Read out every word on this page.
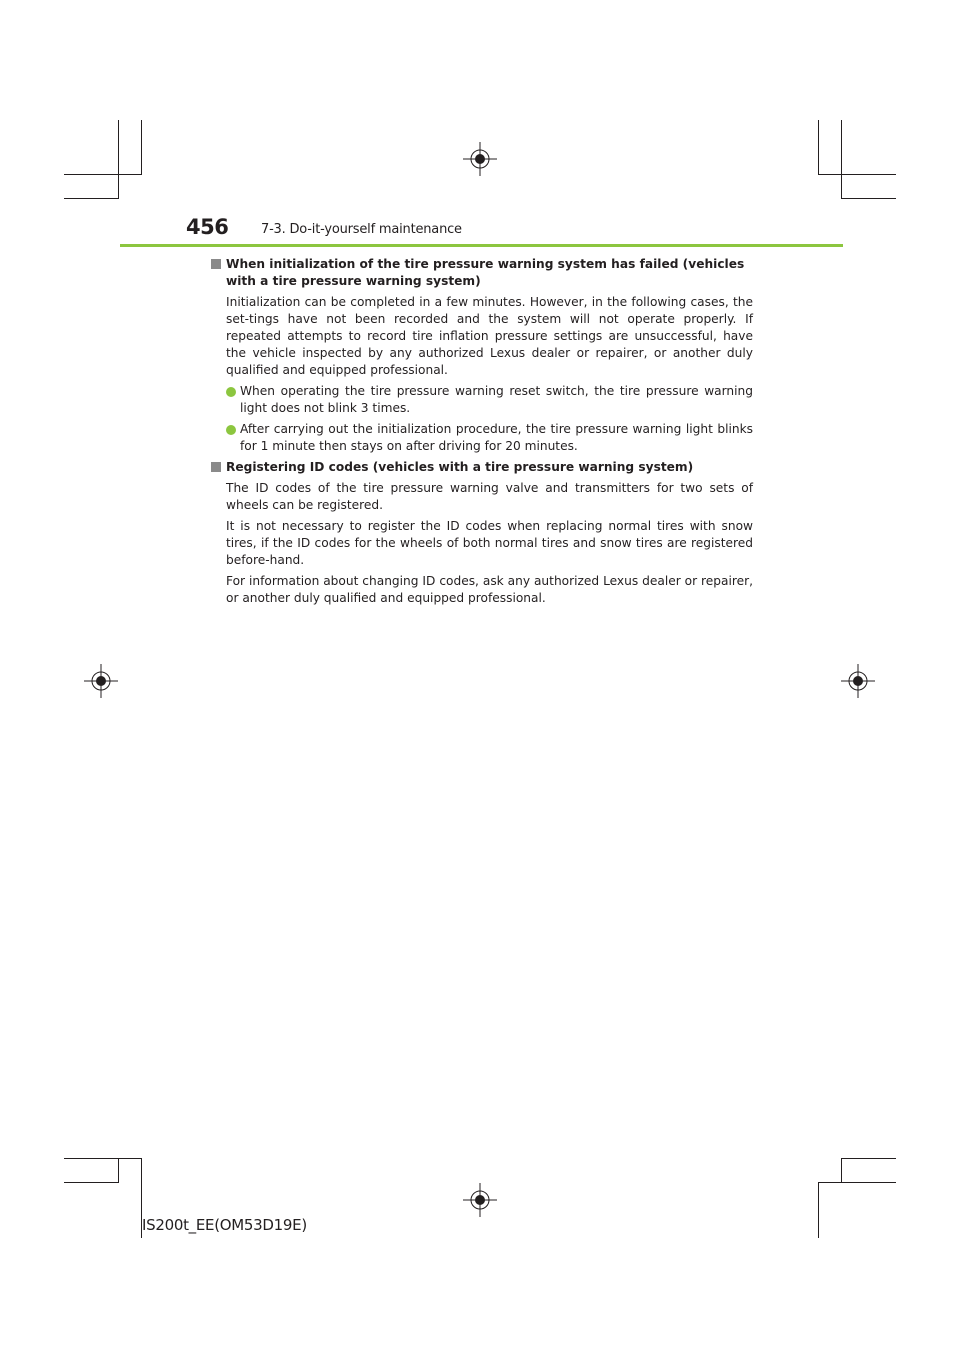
456	7-3. Do-it-yourself maintenance
When initialization of the tire pressure warning system has failed (vehicles with a tire pressure warning system)
Initialization can be completed in a few minutes. However, in the following cases, the set-tings have not been recorded and the system will not operate properly. If repeated attempts to record tire inflation pressure settings are unsuccessful, have the vehicle inspected by any authorized Lexus dealer or repairer, or another duly qualified and equipped professional.
When operating the tire pressure warning reset switch, the tire pressure warning light does not blink 3 times.
After carrying out the initialization procedure, the tire pressure warning light blinks for 1 minute then stays on after driving for 20 minutes.
Registering ID codes (vehicles with a tire pressure warning system)
The ID codes of the tire pressure warning valve and transmitters for two sets of wheels can be registered.
It is not necessary to register the ID codes when replacing normal tires with snow tires, if the ID codes for the wheels of both normal tires and snow tires are registered before-hand.
For information about changing ID codes, ask any authorized Lexus dealer or repairer, or another duly qualified and equipped professional.
IS200t_EE(OM53D19E)
